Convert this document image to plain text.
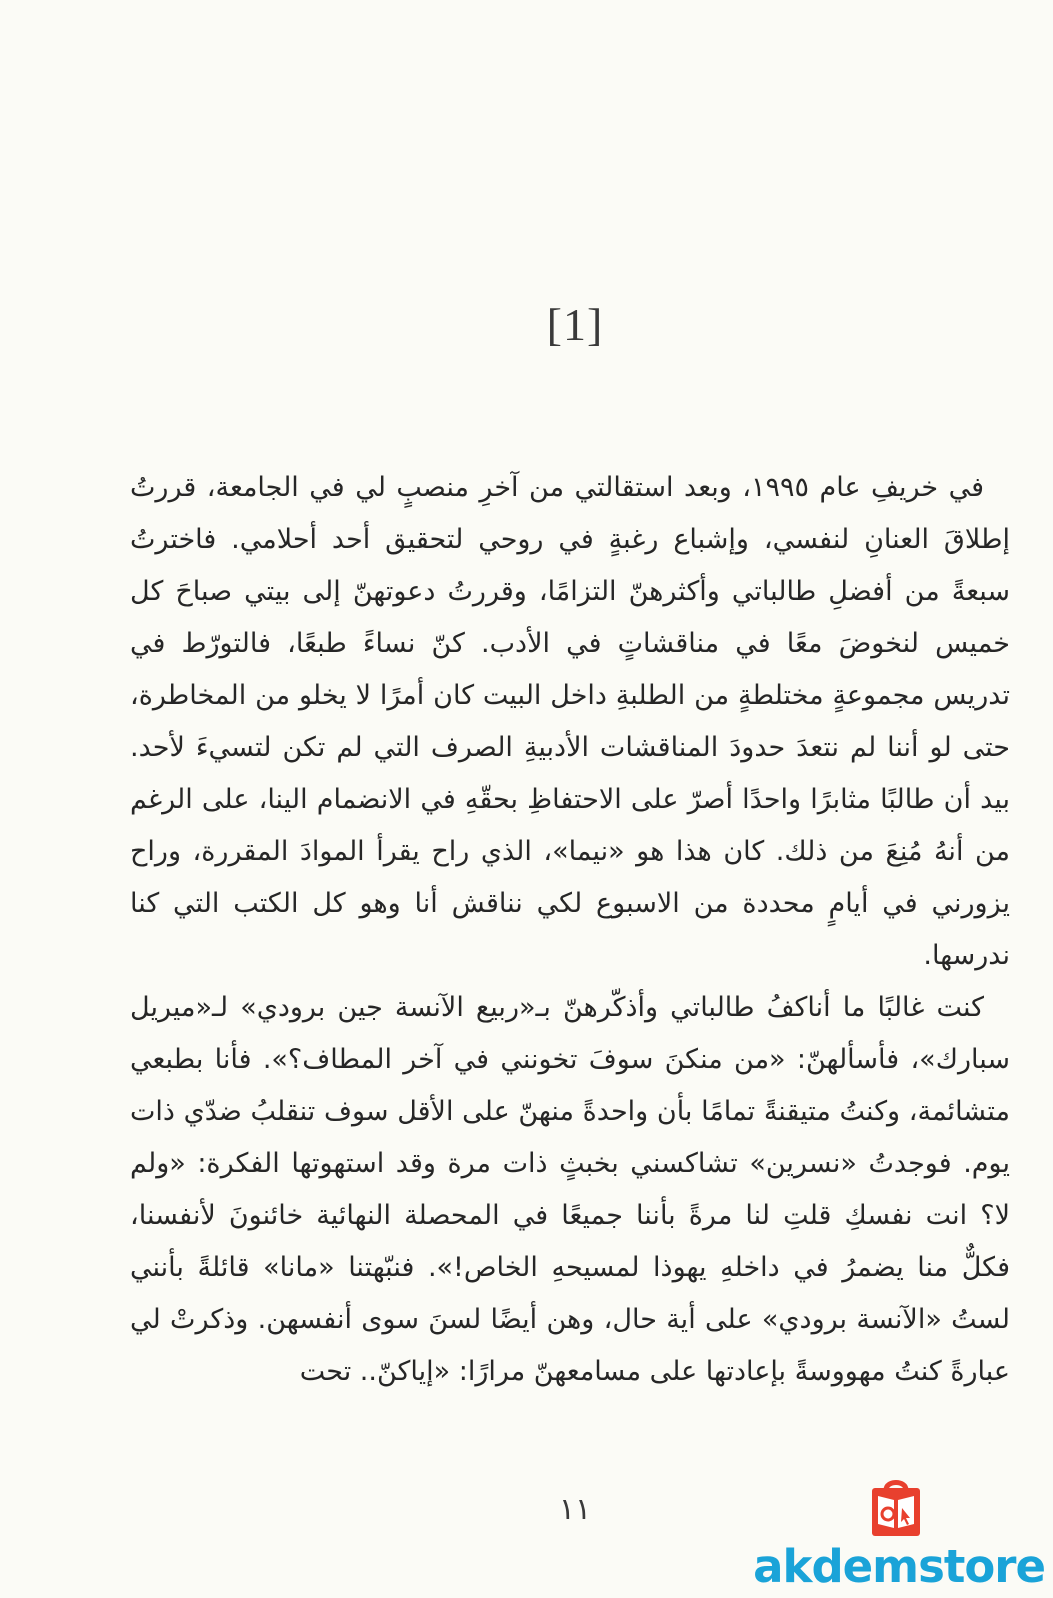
[1]

في خريفِ عام ١٩٩٥، وبعد استقالتي من آخرِ منصبٍ لي في الجامعة، قررتُ إطلاقَ العنانِ لنفسي، وإشباع رغبةٍ في روحي لتحقيق أحد أحلامي. فاخترتُ سبعةً من أفضلِ طالباتي وأكثرهنّ التزامًا، وقررتُ دعوتهنّ إلى بيتي صباحَ كل خميس لنخوضَ معًا في مناقشاتٍ في الأدب. كنّ نساءً طبعًا، فالتورّط في تدريس مجموعةٍ مختلطةٍ من الطلبةِ داخل البيت كان أمرًا لا يخلو من المخاطرة، حتى لو أننا لم نتعدَ حدودَ المناقشات الأدبيةِ الصرف التي لم تكن لتسيءَ لأحد. بيد أن طالبًا مثابرًا واحدًا أصرّ على الاحتفاظِ بحقّهِ في الانضمام الينا، على الرغم من أنهُ مُنِعَ من ذلك. كان هذا هو «نيما»، الذي راح يقرأ الموادَ المقررة، وراح يزورني في أيامٍ محددة من الاسبوع لكي نناقش أنا وهو كل الكتب التي كنا ندرسها.

كنت غالبًا ما أناكفُ طالباتي وأذكّرهنّ بـ«ربيع الآنسة جين برودي» لـ«ميريل سبارك»، فأسألهنّ: «من منكنَ سوفَ تخونني في آخر المطاف؟». فأنا بطبعي متشائمة، وكنتُ متيقنةً تمامًا بأن واحدةً منهنّ على الأقل سوف تنقلبُ ضدّي ذات يوم. فوجدتُ «نسرين» تشاكسني بخبثٍ ذات مرة وقد استهوتها الفكرة: «ولم لا؟ انت نفسكِ قلتِ لنا مرةً بأننا جميعًا في المحصلة النهائية خائنونَ لأنفسنا، فكلٌّ منا يضمرُ في داخلهِ يهوذا لمسيحهِ الخاص!». فنبّهتنا «مانا» قائلةً بأنني لستُ «الآنسة برودي» على أية حال، وهن أيضًا لسنَ سوى أنفسهن. وذكرتْ لي عبارةً كنتُ مهووسةً بإعادتها على مسامعهنّ مرارًا: «إياكنّ.. تحت

١١
akdemstore
